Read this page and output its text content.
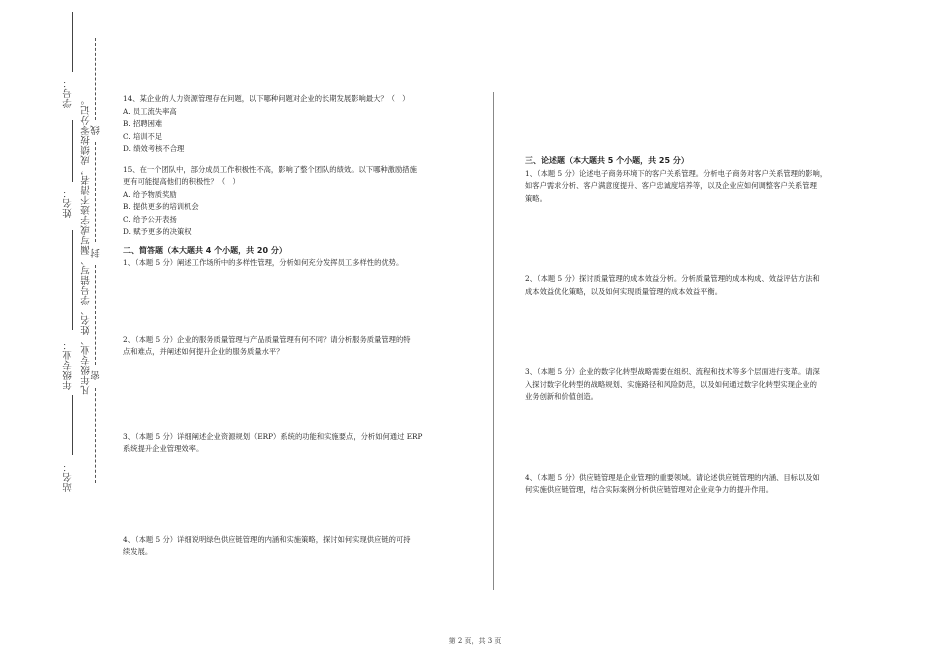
学号：
姓名：
年级专业：
站名：
凡年级专业、姓名、学号错写、漏写或字迹不清者，成绩按零分记。 线
封
密

14、某企业的人力资源管理存在问题，以下哪种问题对企业的长期发展影响最大？（　）

A. 员工流失率高

B. 招聘困难

C. 培训不足

D. 绩效考核不合理

15、在一个团队中，部分成员工作积极性不高，影响了整个团队的绩效。以下哪种激励措施

更有可能提高他们的积极性？（　）

A. 给予物质奖励

B. 提供更多的培训机会

C. 给予公开表扬

D. 赋予更多的决策权

二、简答题（本大题共 4 个小题，共 20 分）

1、（本题 5 分）阐述工作场所中的多样性管理，分析如何充分发挥员工多样性的优势。

2、（本题 5 分）企业的服务质量管理与产品质量管理有何不同？请分析服务质量管理的特

点和难点，并阐述如何提升企业的服务质量水平？

3、（本题 5 分）详细阐述企业资源规划（ERP）系统的功能和实施要点，分析如何通过 ERP

系统提升企业管理效率。

4、（本题 5 分）详细说明绿色供应链管理的内涵和实施策略，探讨如何实现供应链的可持

续发展。

三、论述题（本大题共 5 个小题，共 25 分）

1、（本题 5 分）论述电子商务环境下的客户关系管理。分析电子商务对客户关系管理的影响，

如客户需求分析、客户满意度提升、客户忠诚度培养等，以及企业应如何调整客户关系管理

策略。

2、（本题 5 分）探讨质量管理的成本效益分析。分析质量管理的成本构成、效益评估方法和

成本效益优化策略，以及如何实现质量管理的成本效益平衡。

3、（本题 5 分）企业的数字化转型战略需要在组织、流程和技术等多个层面进行变革。请深

入探讨数字化转型的战略规划、实施路径和风险防范，以及如何通过数字化转型实现企业的

业务创新和价值创造。

4、（本题 5 分）供应链管理是企业管理的重要领域。请论述供应链管理的内涵、目标以及如

何实施供应链管理，结合实际案例分析供应链管理对企业竞争力的提升作用。

第 2 页，共 3 页
